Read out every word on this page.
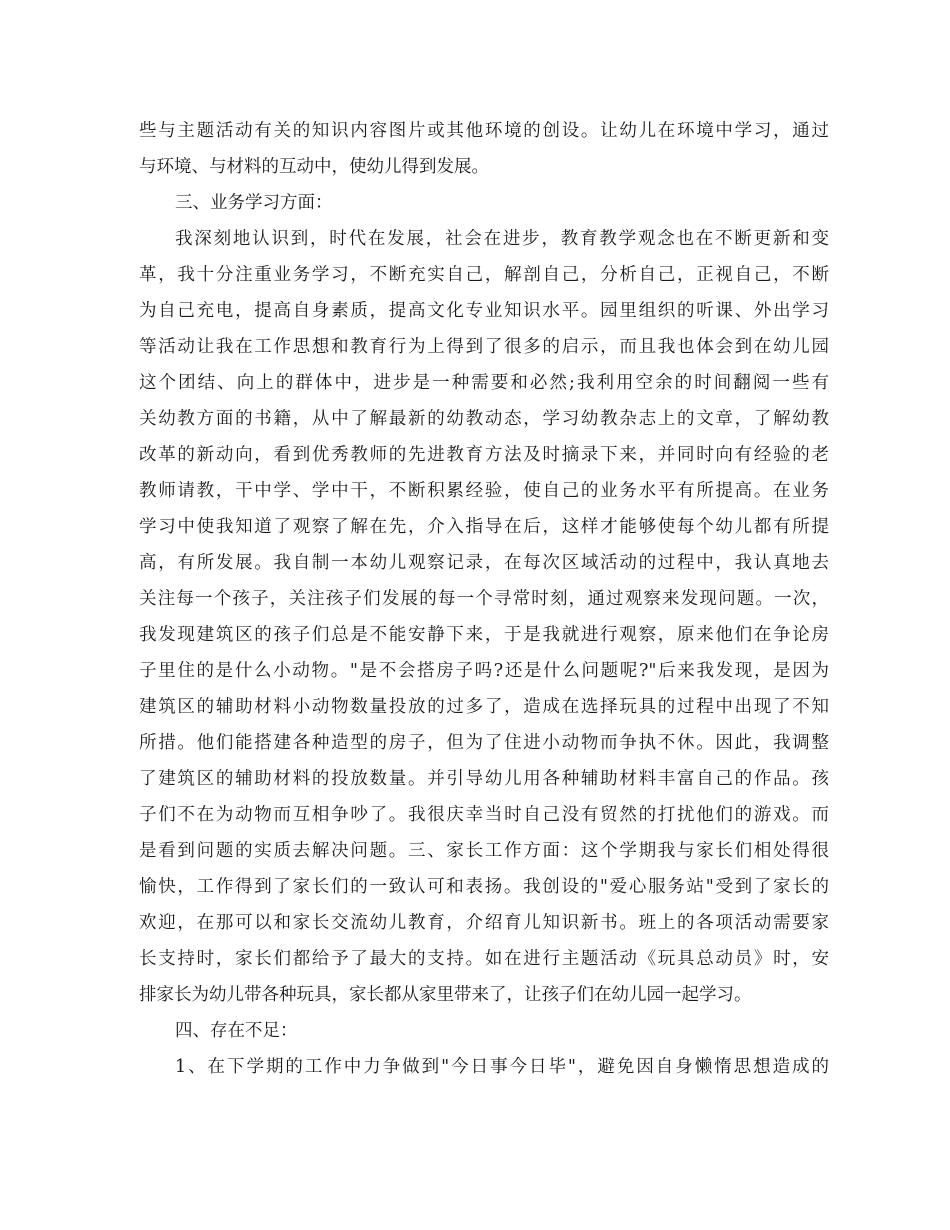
些与主题活动有关的知识内容图片或其他环境的创设。让幼儿在环境中学习，通过
与环境、与材料的互动中，使幼儿得到发展。
三、业务学习方面：
我深刻地认识到，时代在发展，社会在进步，教育教学观念也在不断更新和变
革，我十分注重业务学习，不断充实自己，解剖自己，分析自己，正视自己，不断
为自己充电，提高自身素质，提高文化专业知识水平。园里组织的听课、外出学习
等活动让我在工作思想和教育行为上得到了很多的启示，而且我也体会到在幼儿园
这个团结、向上的群体中，进步是一种需要和必然;我利用空余的时间翻阅一些有
关幼教方面的书籍，从中了解最新的幼教动态，学习幼教杂志上的文章，了解幼教
改革的新动向，看到优秀教师的先进教育方法及时摘录下来，并同时向有经验的老
教师请教，干中学、学中干，不断积累经验，使自己的业务水平有所提高。在业务
学习中使我知道了观察了解在先，介入指导在后，这样才能够使每个幼儿都有所提
高，有所发展。我自制一本幼儿观察记录，在每次区域活动的过程中，我认真地去
关注每一个孩子，关注孩子们发展的每一个寻常时刻，通过观察来发现问题。一次，
我发现建筑区的孩子们总是不能安静下来，于是我就进行观察，原来他们在争论房
子里住的是什么小动物。"是不会搭房子吗?还是什么问题呢?"后来我发现，是因为
建筑区的辅助材料小动物数量投放的过多了，造成在选择玩具的过程中出现了不知
所措。他们能搭建各种造型的房子，但为了住进小动物而争执不休。因此，我调整
了建筑区的辅助材料的投放数量。并引导幼儿用各种辅助材料丰富自己的作品。孩
子们不在为动物而互相争吵了。我很庆幸当时自己没有贸然的打扰他们的游戏。而
是看到问题的实质去解决问题。三、家长工作方面：这个学期我与家长们相处得很
愉快，工作得到了家长们的一致认可和表扬。我创设的"爱心服务站"受到了家长的
欢迎，在那可以和家长交流幼儿教育，介绍育儿知识新书。班上的各项活动需要家
长支持时，家长们都给予了最大的支持。如在进行主题活动《玩具总动员》时，安
排家长为幼儿带各种玩具，家长都从家里带来了，让孩子们在幼儿园一起学习。
四、存在不足：
1、在下学期的工作中力争做到"今日事今日毕"，避免因自身懒惰思想造成的
